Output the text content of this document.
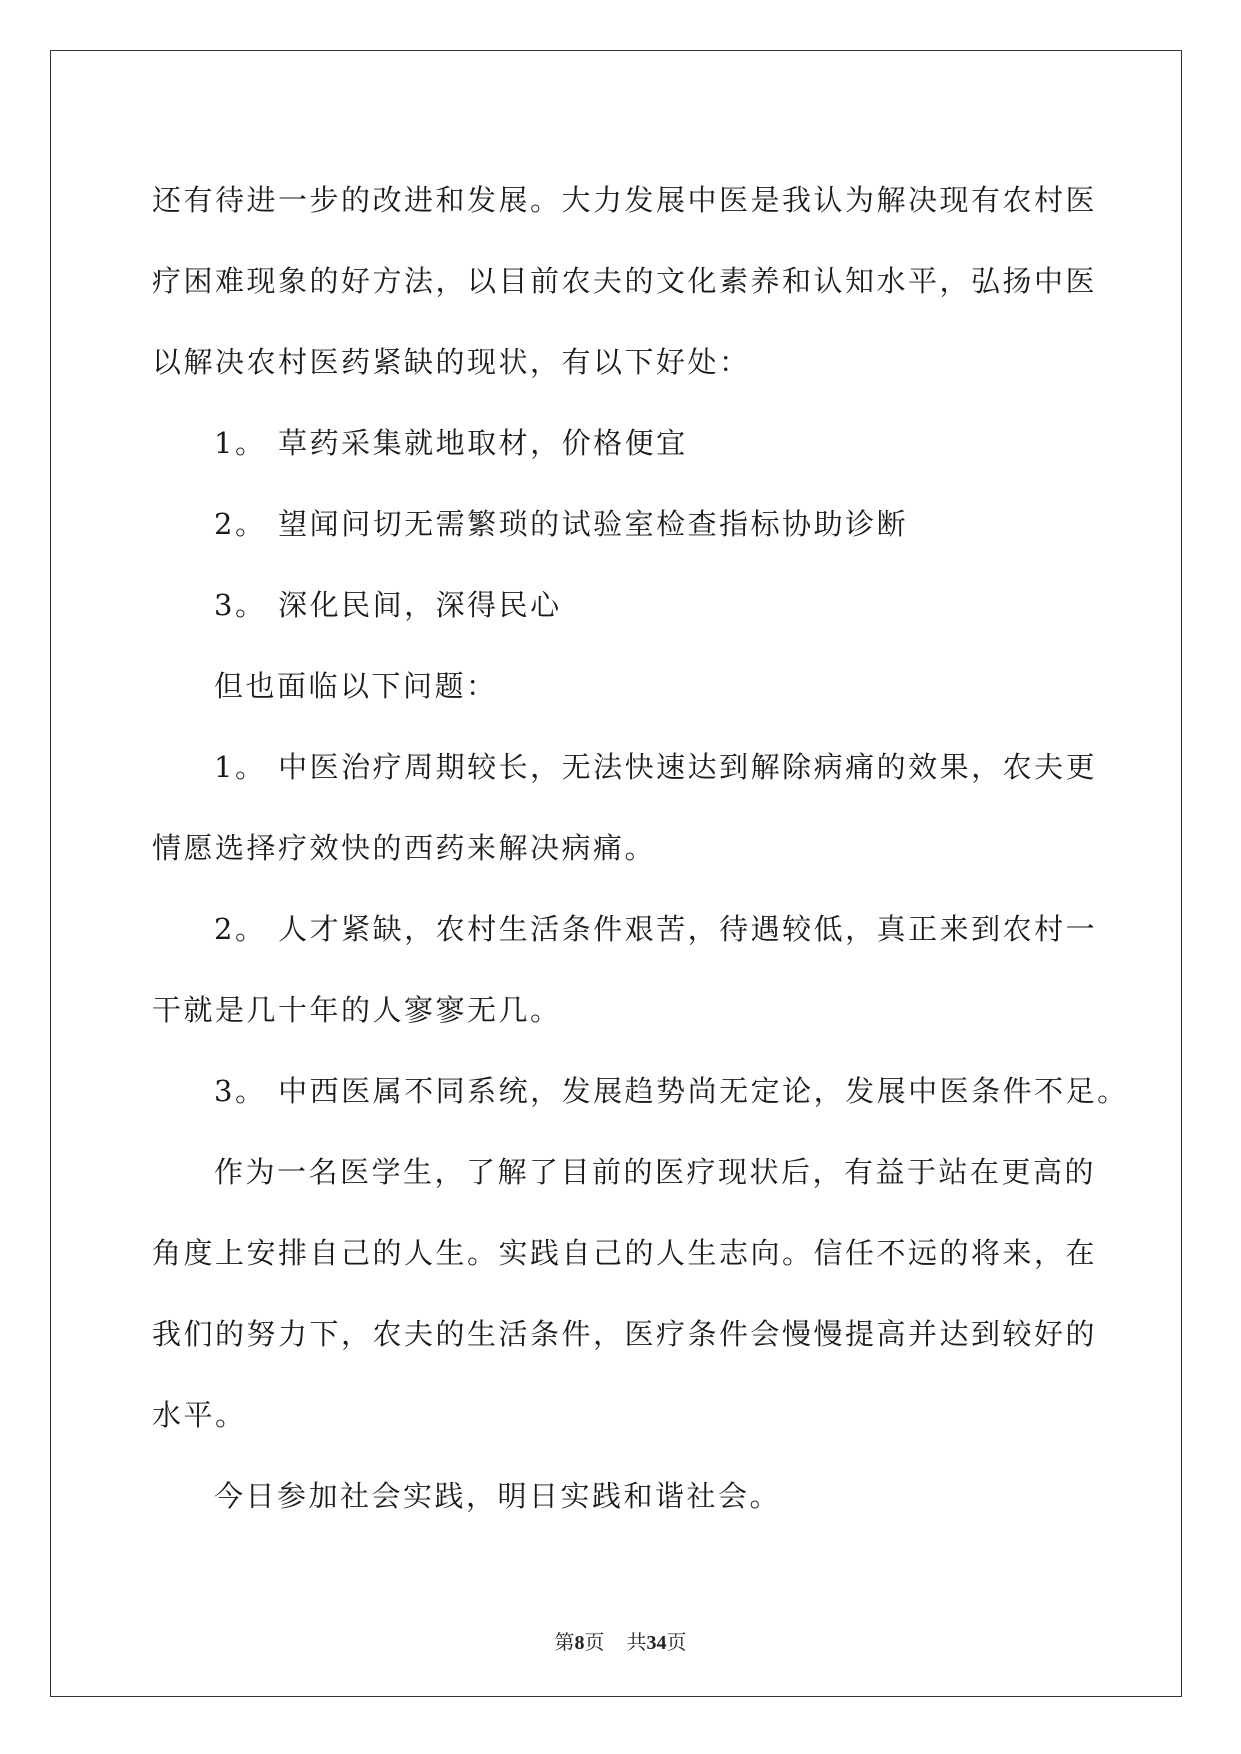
还有待进一步的改进和发展。大力发展中医是我认为解决现有农村医
疗困难现象的好方法，以目前农夫的文化素养和认知水平，弘扬中医
以解决农村医药紧缺的现状，有以下好处：
1。 草药采集就地取材，价格便宜
2。 望闻问切无需繁琐的试验室检查指标协助诊断
3。 深化民间，深得民心
但也面临以下问题：
1。 中医治疗周期较长，无法快速达到解除病痛的效果，农夫更
情愿选择疗效快的西药来解决病痛。
2。 人才紧缺，农村生活条件艰苦，待遇较低，真正来到农村一
干就是几十年的人寥寥无几。
3。 中西医属不同系统，发展趋势尚无定论，发展中医条件不足。
作为一名医学生，了解了目前的医疗现状后，有益于站在更高的
角度上安排自己的人生。实践自己的人生志向。信任不远的将来，在
我们的努力下，农夫的生活条件，医疗条件会慢慢提高并达到较好的
水平。
今日参加社会实践，明日实践和谐社会。
第8页 共34页
